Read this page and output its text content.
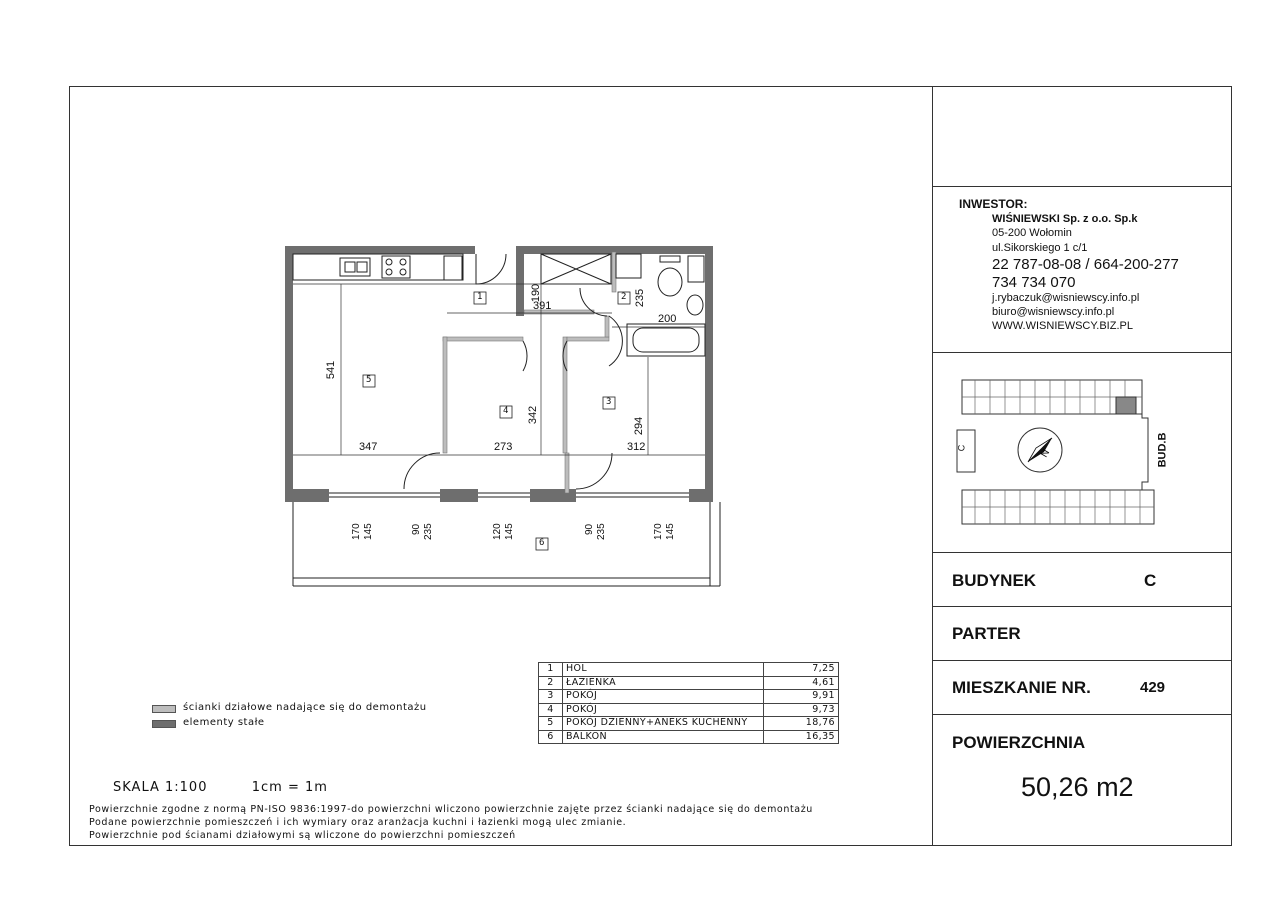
INWESTOR:
WIŚNIEWSKI Sp. z o.o. Sp.k
05-200 Wołomin
ul.Sikorskiego 1 c/1
22 787-08-08 / 664-200-277
734 734 070
j.rybaczuk@wisniewscy.info.pl
biuro@wisniewscy.info.pl
WWW.WISNIEWSCY.BIZ.PL
N
C	BUD.B
BUDYNEK	C
PARTER
MIESZKANIE NR.	429
POWIERZCHNIA
50,26 m2
1	2
3
4
5
6
391
190	235
200
541
342
294
347	273	312
170 145	90 235	120 145	90 235	170 145
ścianki działowe nadające się do demontażu
elementy stałe
1	HOL	7,25
2	ŁAZIENKA	4,61
3	POKÓJ	9,91
4	POKÓJ	9,73
5	POKÓJ DZIENNY+ANEKS KUCHENNY	18,76
6	BALKON	16,35
SKALA 1:100	1cm = 1m
Powierzchnie zgodne z normą PN-ISO 9836:1997-do powierzchni wliczono powierzchnie zajęte przez ścianki nadające się do demontażu
Podane powierzchnie pomieszczeń i ich wymiary oraz aranżacja kuchni i łazienki mogą ulec zmianie.
Powierzchnie pod ścianami działowymi są wliczone do powierzchni pomieszczeń
